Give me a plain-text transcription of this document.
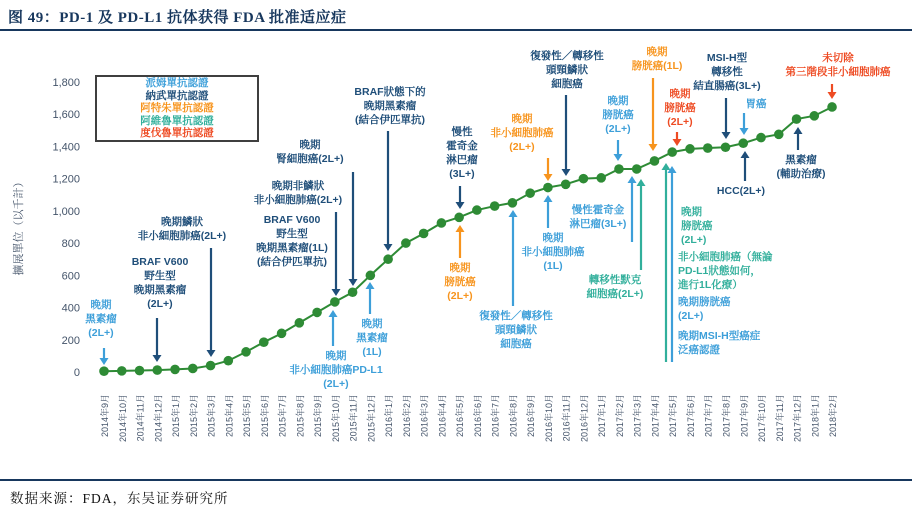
图 49：PD-1 及 PD-L1 抗体获得 FDA 批准适应症
0
200
400
600
800
1,000
1,200
1,400
1,600
1,800
2014年9月 2014年10月 2014年11月 2014年12月 2015年1月 2015年2月 2015年3月 2015年4月 2015年5月 2015年6月 2015年7月 2015年8月 2015年9月 2015年10月 2015年11月 2015年12月 2016年1月 2016年2月 2016年3月 2016年4月 2016年5月 2016年6月 2016年7月 2016年8月 2016年9月 2016年10月 2016年11月 2016年12月 2017年1月 2017年2月 2017年3月 2017年4月 2017年5月 2017年6月 2017年7月 2017年8月 2017年9月 2017年10月 2017年11月 2017年12月 2018年1月 2018年2月
晚期黑素瘤(2L+)
BRAF V600 野生型晚期黑素瘤(2L+)
晚期鱗狀非小細胞肺癌(2L+)
晚期腎細胞癌(2L+)
晚期非鱗狀非小細胞肺癌(2L+)
BRAF V600 野生型晚期黑素瘤(1L) (結合伊匹單抗)
BRAF狀態下的晚期黑素瘤(結合伊匹單抗)
慢性霍奇金淋巴瘤(3L+)
晚期非小細胞肺癌(2L+)
復發性／轉移性頭頸鱗狀細胞癌
晚期膀胱癌(2L+)
晚期膀胱癌(1L)
晚期膀胱癌(2L+)
MSI-H型轉移性結直腸癌(3L+)
胃癌
未切除第三階段非小細胞肺癌
晚期非小細胞肺癌PD-L1 (2L+)
晚期黑素瘤(1L)
晚期膀胱癌(2L+)
復發性／轉移性頭頸鱗狀細胞癌
晚期非小細胞肺癌(1L)
慢性霍奇金淋巴瘤(3L+)
轉移性默克細胞癌(2L+)
晚期膀胱癌(2L+)
非小細胞肺癌（無論 PD-L1狀態如何，進行1L化療）
晚期膀胱癌(2L+)
晚期MSI-H型癌症泛癌認證
HCC(2L+)
黑素瘤(輔助治療)
擴展單位（以千計）
派姆單抗認證
納武單抗認證
阿特朱單抗認證
阿維魯單抗認證
度伐魯單抗認證
数据来源：FDA，东吴证券研究所
